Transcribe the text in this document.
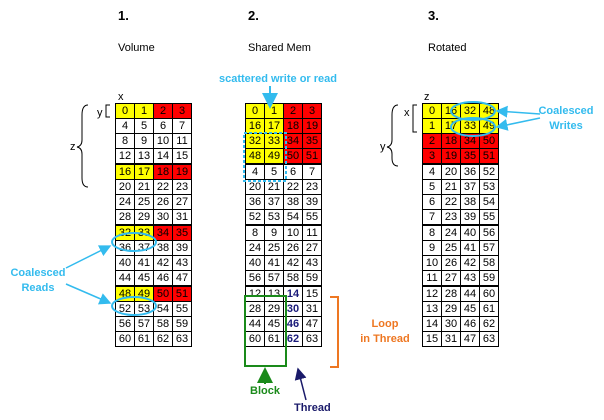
1.	2.	3.
Volume	Shared Mem	Rotated
x
y
z
z
x
y
0	1	2	3
4	5	6	7
8	9	10	11
12	13	14	15
16	17	18	19
20	21	22	23
24	25	26	27
28	29	30	31
32	33	34	35
36	37	38	39
40	41	42	43
44	45	46	47
48	49	50	51
52	53	54	55
56	57	58	59
60	61	62	63
0	1	2	3
16	17	18	19
32	33	34	35
48	49	50	51
4	5	6	7
20	21	22	23
36	37	38	39
52	53	54	55
8	9	10	11
24	25	26	27
40	41	42	43
56	57	58	59
12	13	14	15
28	29	30	31
44	45	46	47
60	61	62	63
0	16	32	48
1	17	33	49
2	18	34	50
3	19	35	51
4	20	36	52
5	21	37	53
6	22	38	54
7	23	39	55
8	24	40	56
9	25	41	57
10	26	42	58
11	27	43	59
12	28	44	60
13	29	45	61
14	30	46	62
15	31	47	63
scattered write or read
Coalesced
Reads
Coalesced
Writes
Loop
in Thread
Block
Thread
